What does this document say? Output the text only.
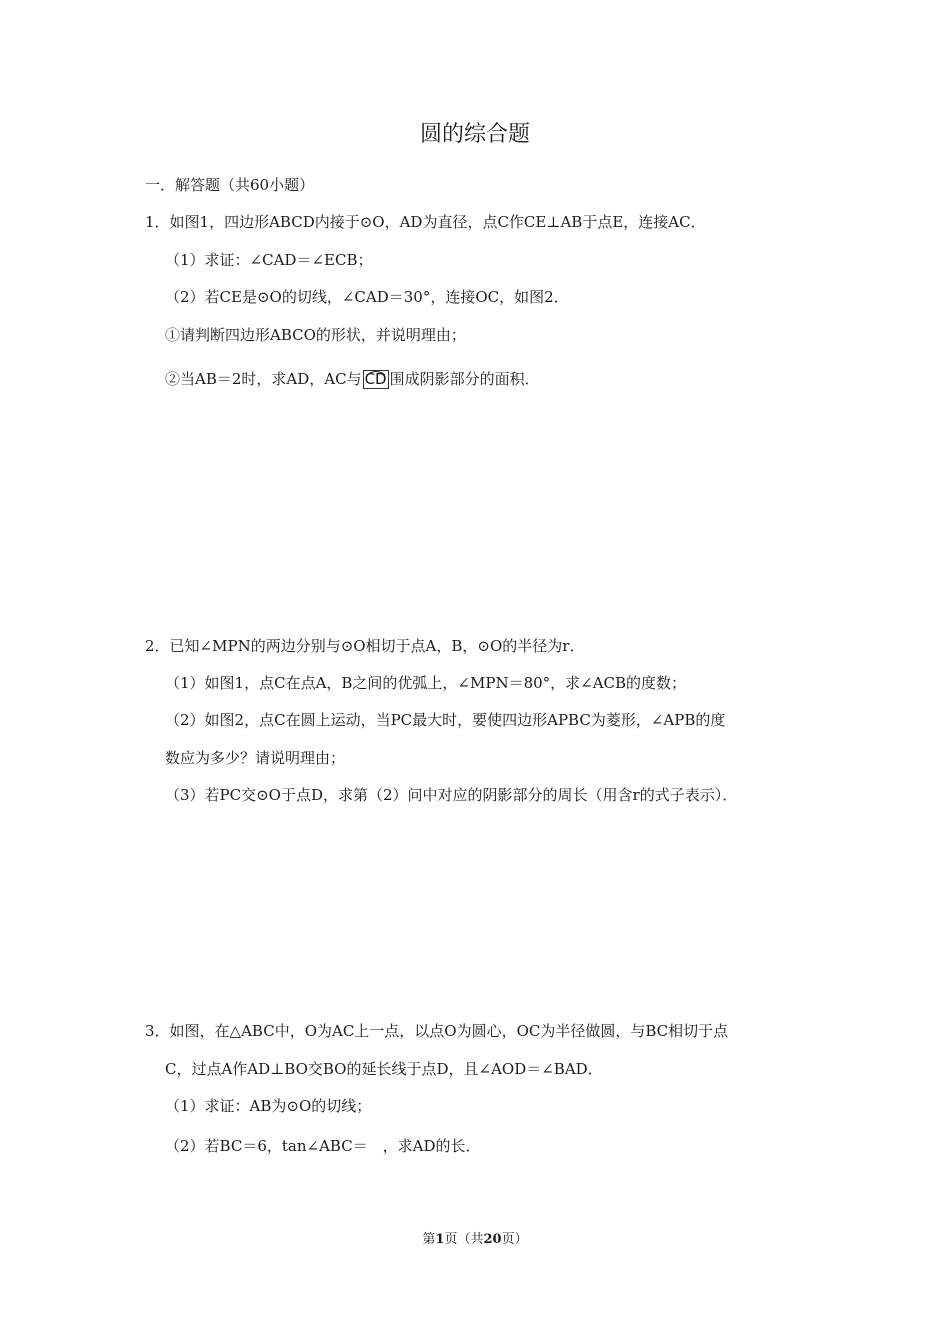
圆的综合题
一．解答题（共60小题）
1．如图1，四边形ABCD内接于⊙O，AD为直径，点C作CE⊥AB于点E，连接AC．
（1）求证：∠CAD＝∠ECB；
（2）若CE是⊙O的切线，∠CAD＝30°，连接OC，如图2．
①请判断四边形ABCO的形状，并说明理由；
②当AB＝2时，求AD，AC与 CD 围成阴影部分的面积．
2．已知∠MPN的两边分别与⊙O相切于点A，B，⊙O的半径为r．
（1）如图1，点C在点A，B之间的优弧上，∠MPN＝80°，求∠ACB的度数；
（2）如图2，点C在圆上运动，当PC最大时，要使四边形APBC为菱形，∠APB的度
数应为多少？请说明理由；
（3）若PC交⊙O于点D，求第（2）问中对应的阴影部分的周长（用含r的式子表示）．
3．如图，在△ABC中，O为AC上一点，以点O为圆心，OC为半径做圆，与BC相切于点
C，过点A作AD⊥BO交BO的延长线于点D，且∠AOD＝∠BAD．
（1）求证：AB为⊙O的切线；
（2）若BC＝6，tan∠ABC＝　，求AD的长．
第1页（共20页）
